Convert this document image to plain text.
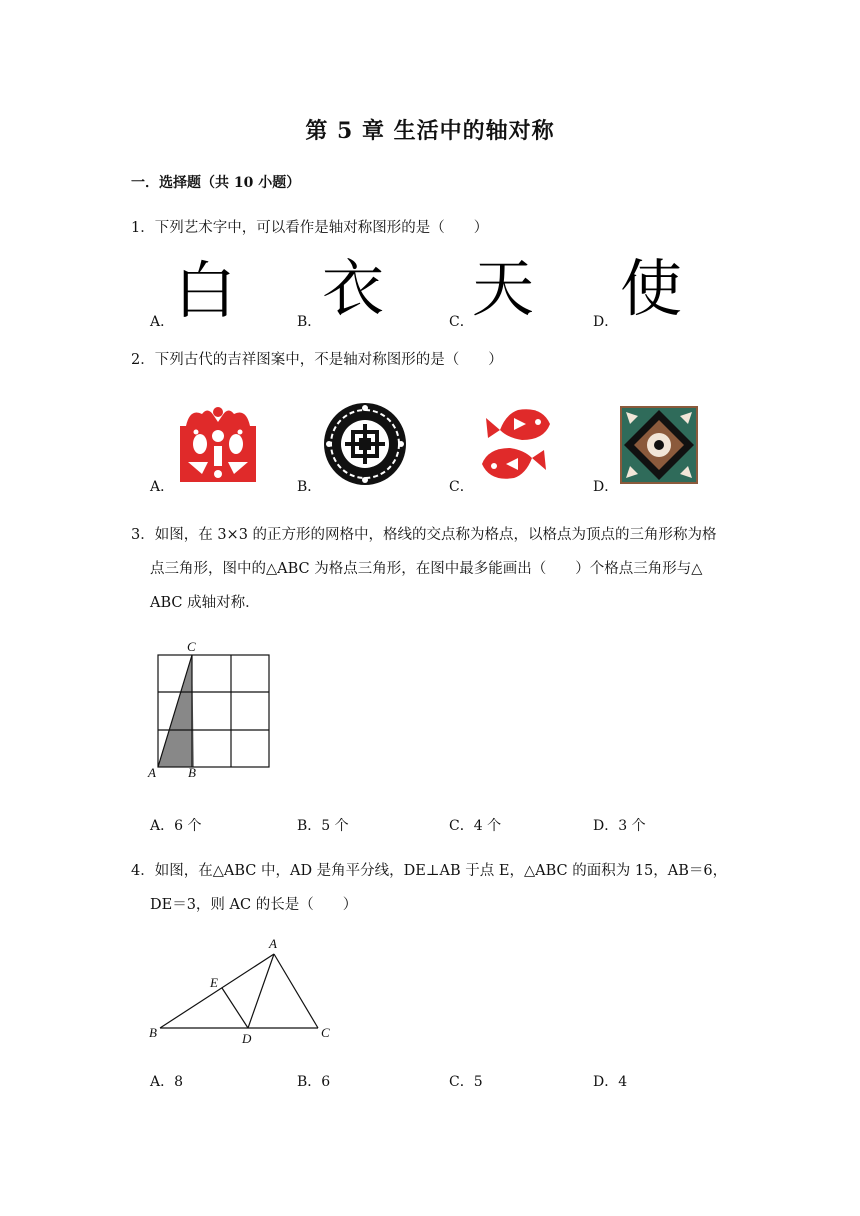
第 5 章 生活中的轴对称
一．选择题（共 10 小题）
1．下列艺术字中，可以看作是轴对称图形的是（　　）
A． 白	B． 衣	C．
天	D． 使
2．下列古代的吉祥图案中，不是轴对称图形的是（　　）
A．	B．	C．	D．
3．如图，在 3×3 的正方形的网格中，格线的交点称为格点，以格点为顶点的三角形称为格
点三角形，图中的△ABC 为格点三角形，在图中最多能画出（　　）个格点三角形与△
ABC 成轴对称．
C
A B
A．6 个	B．5 个	C．4 个	D．3 个
4．如图，在△ABC 中，AD 是角平分线，DE⊥AB 于点 E，△ABC 的面积为 15，AB＝6，
DE＝3，则 AC 的长是（　　）
A
E
B	D	C
A．8	B．6	C．5	D．4
